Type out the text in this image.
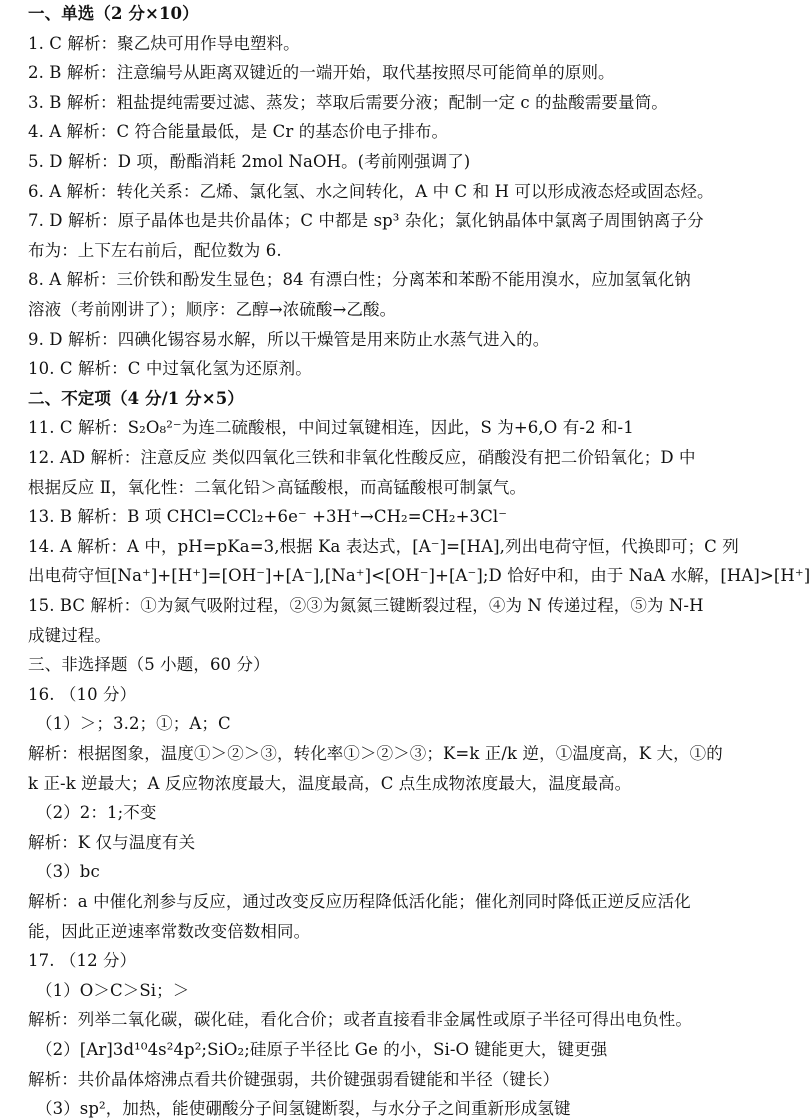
一、单选（2 分×10）
1. C 解析：聚乙炔可用作导电塑料。
2. B 解析：注意编号从距离双键近的一端开始，取代基按照尽可能简单的原则。
3. B 解析：粗盐提纯需要过滤、蒸发；萃取后需要分液；配制一定 c 的盐酸需要量筒。
4. A 解析：C 符合能量最低，是 Cr 的基态价电子排布。
5. D 解析：D 项，酚酯消耗 2mol NaOH。(考前刚强调了)
6. A 解析：转化关系：乙烯、氯化氢、水之间转化，A 中 C 和 H 可以形成液态烃或固态烃。
7. D 解析：原子晶体也是共价晶体；C 中都是 sp³ 杂化；氯化钠晶体中氯离子周围钠离子分
布为：上下左右前后，配位数为 6.
8. A 解析：三价铁和酚发生显色；84 有漂白性；分离苯和苯酚不能用溴水，应加氢氧化钠
溶液（考前刚讲了）；顺序：乙醇→浓硫酸→乙酸。
9. D 解析：四碘化锡容易水解，所以干燥管是用来防止水蒸气进入的。
10. C 解析：C 中过氧化氢为还原剂。
二、不定项（4 分/1 分×5）
11. C 解析：S₂O₈²⁻为连二硫酸根，中间过氧键相连，因此，S 为+6,O 有-2 和-1
12. AD 解析：注意反应 类似四氧化三铁和非氧化性酸反应，硝酸没有把二价铅氧化；D 中
根据反应 Ⅱ，氧化性：二氧化铅＞高锰酸根，而高锰酸根可制氯气。
13. B 解析：B 项 CHCl=CCl₂+6e⁻ +3H⁺→CH₂=CH₂+3Cl⁻
14. A 解析：A 中，pH=pKa=3,根据 Ka 表达式，[A⁻]=[HA],列出电荷守恒，代换即可；C 列
出电荷守恒[Na⁺]+[H⁺]=[OH⁻]+[A⁻],[Na⁺]<[OH⁻]+[A⁻];D 恰好中和，由于 NaA 水解，[HA]>[H⁺]
15. BC 解析：①为氮气吸附过程，②③为氮氮三键断裂过程，④为 N 传递过程，⑤为 N-H
成键过程。
三、非选择题（5 小题，60 分）
16. （10 分）
（1）＞；3.2；①；A；C
解析：根据图象，温度①＞②＞③，转化率①＞②＞③；K=k 正/k 逆，①温度高，K 大，①的
k 正-k 逆最大；A 反应物浓度最大，温度最高，C 点生成物浓度最大，温度最高。
（2）2：1;不变
解析：K 仅与温度有关
（3）bc
解析：a 中催化剂参与反应，通过改变反应历程降低活化能；催化剂同时降低正逆反应活化
能，因此正逆速率常数改变倍数相同。
17. （12 分）
（1）O＞C＞Si；＞
解析：列举二氧化碳，碳化硅，看化合价；或者直接看非金属性或原子半径可得出电负性。
（2）[Ar]3d¹⁰4s²4p²;SiO₂;硅原子半径比 Ge 的小，Si-O 键能更大，键更强
解析：共价晶体熔沸点看共价键强弱，共价键强弱看键能和半径（键长）
（3）sp²，加热，能使硼酸分子间氢键断裂，与水分子之间重新形成氢键
